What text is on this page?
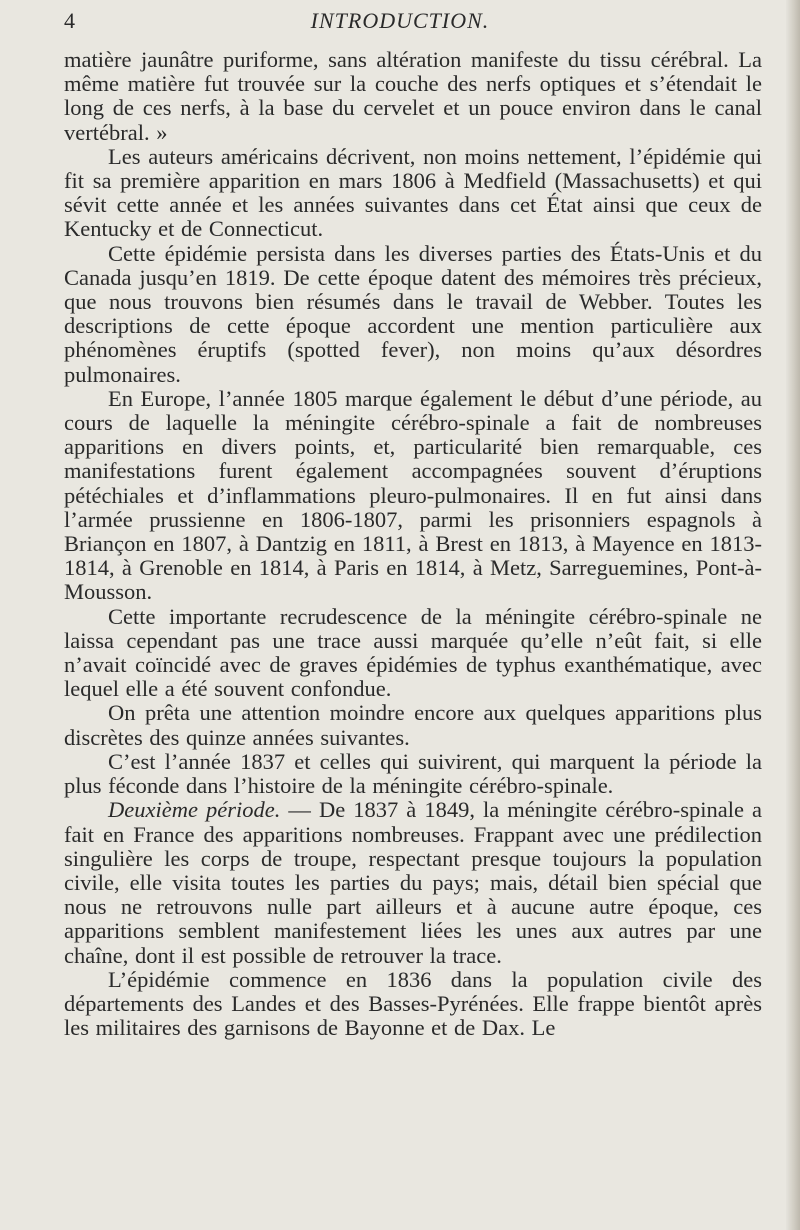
4	INTRODUCTION.

matière jaunâtre puriforme, sans altération manifeste du tissu cérébral. La même matière fut trouvée sur la couche des nerfs optiques et s’étendait le long de ces nerfs, à la base du cervelet et un pouce environ dans le canal vertébral. »

Les auteurs américains décrivent, non moins nettement, l’épidémie qui fit sa première apparition en mars 1806 à Medfield (Massachusetts) et qui sévit cette année et les années suivantes dans cet État ainsi que ceux de Kentucky et de Connecticut.

Cette épidémie persista dans les diverses parties des États-Unis et du Canada jusqu’en 1819. De cette époque datent des mémoires très précieux, que nous trouvons bien résumés dans le travail de Webber. Toutes les descriptions de cette époque accordent une mention particulière aux phénomènes éruptifs (spotted fever), non moins qu’aux désordres pulmonaires.

En Europe, l’année 1805 marque également le début d’une période, au cours de laquelle la méningite cérébro-spinale a fait de nombreuses apparitions en divers points, et, particularité bien remarquable, ces manifestations furent également accompagnées souvent d’éruptions pétéchiales et d’inflammations pleuro-pulmonaires. Il en fut ainsi dans l’armée prussienne en 1806-1807, parmi les prisonniers espagnols à Briançon en 1807, à Dantzig en 1811, à Brest en 1813, à Mayence en 1813-1814, à Grenoble en 1814, à Paris en 1814, à Metz, Sarreguemines, Pont-à-Mousson.

Cette importante recrudescence de la méningite cérébro-spinale ne laissa cependant pas une trace aussi marquée qu’elle n’eût fait, si elle n’avait coïncidé avec de graves épidémies de typhus exanthématique, avec lequel elle a été souvent confondue.

On prêta une attention moindre encore aux quelques apparitions plus discrètes des quinze années suivantes.

C’est l’année 1837 et celles qui suivirent, qui marquent la période la plus féconde dans l’histoire de la méningite cérébro-spinale.

Deuxième période. — De 1837 à 1849, la méningite cérébro-spinale a fait en France des apparitions nombreuses. Frappant avec une prédilection singulière les corps de troupe, respectant presque toujours la population civile, elle visita toutes les parties du pays; mais, détail bien spécial que nous ne retrouvons nulle part ailleurs et à aucune autre époque, ces apparitions semblent manifestement liées les unes aux autres par une chaîne, dont il est possible de retrouver la trace.

L’épidémie commence en 1836 dans la population civile des départements des Landes et des Basses-Pyrénées. Elle frappe bientôt après les militaires des garnisons de Bayonne et de Dax. Le
